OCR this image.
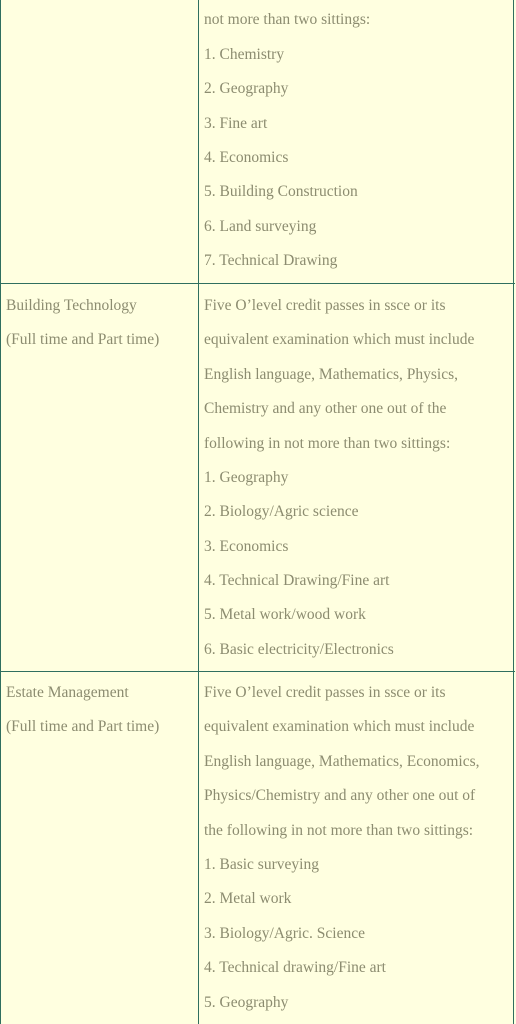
not more than two sittings:
1. Chemistry
2. Geography
3. Fine art
4. Economics
5. Building Construction
6. Land surveying
7. Technical Drawing
Building Technology
(Full time and Part time)
Five O’level credit passes in ssce or its
equivalent examination which must include
English language, Mathematics, Physics,
Chemistry and any other one out of the
following in not more than two sittings:
1. Geography
2. Biology/Agric science
3. Economics
4. Technical Drawing/Fine art
5. Metal work/wood work
6. Basic electricity/Electronics
Estate Management
(Full time and Part time)
Five O’level credit passes in ssce or its
equivalent examination which must include
English language, Mathematics, Economics,
Physics/Chemistry and any other one out of
the following in not more than two sittings:
1. Basic surveying
2. Metal work
3. Biology/Agric. Science
4. Technical drawing/Fine art
5. Geography
